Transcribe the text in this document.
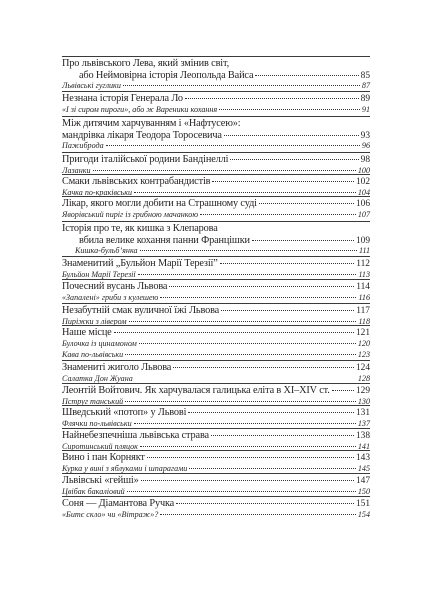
Про львівського Лева, який змінив світ,
або Неймовірна історія Леопольда Вайса	85
Львівські гуглики	87
Незнана історія Генерала Ло	89
«І зі сиром пироги», або ж Вареники кохання	91
Між дитячим харчуванням і «Нафтусею»:
мандрівка лікаря Теодора Торосевича	93
Пажиброда	96
Пригоди італійської родини Бандінеллі	98
Лазанки	100
Смаки львівських контрабандистів	102
Качка по-краківськи	104
Лікар, якого могли добити на Страшному суді	106
Яворівський пиріг із грибною мачанкою	107
Історія про те, як кишка з Клепарова
вбила велике кохання панни Францішки	109
Кишка-бульбʼянка	111
Знаменитий „Бульйон Марії Терезії”	112
Бульйон Марії Терезії	113
Почесний вусань Львова	114
«Запалені» гриби з кулешею	116
Незабутній смак вуличної їжі Львова	117
Пиріжки з лівером	118
Наше місце	121
Булочка із цинамоном	120
Кава по-львівськи	123
Знамениті жиголо Львова	124
Салатка Дон Жуана	128
Леонтій Войтович. Як харчувалася галицька еліта в XI–XIV ст.	129
Пструг танський	130
Шведський «потоп» у Львові	131
Флячки по-львівськи	137
Найнебезпечніша львівська страва	138
Сиротинський пляцок	141
Вино і пан Корнякт	143
Курка у вині з яблуками і шпарагами	145
Львівські «гейші»	147
Цвібак бакаліовий	150
Соня — Діамантова Ручка	151
«Битє скло» чи «Вітраж»?	154
